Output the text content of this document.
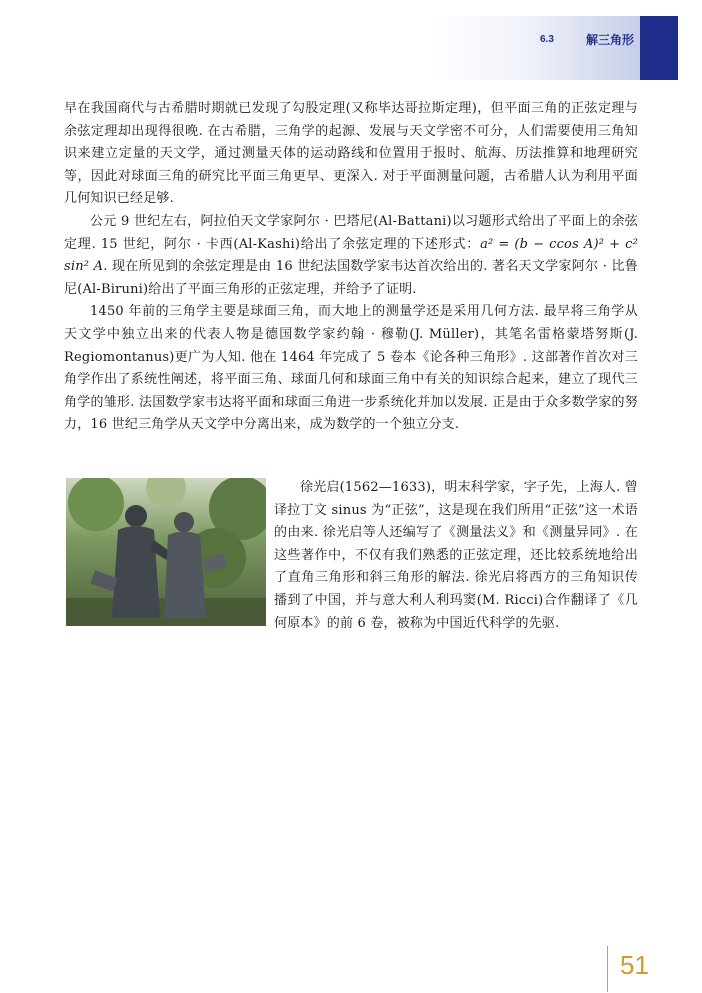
6.3	解三角形

早在我国商代与古希腊时期就已发现了勾股定理(又称毕达哥拉斯定理)，但平面三角的正弦定理与余弦定理却出现得很晚. 在古希腊，三角学的起源、发展与天文学密不可分，人们需要使用三角知识来建立定量的天文学，通过测量天体的运动路线和位置用于报时、航海、历法推算和地理研究等，因此对球面三角的研究比平面三角更早、更深入. 对于平面测量问题，古希腊人认为利用平面几何知识已经足够.

公元 9 世纪左右，阿拉伯天文学家阿尔 · 巴塔尼(Al-Battani)以习题形式给出了平面上的余弦定理. 15 世纪，阿尔 · 卡西(Al-Kashi)给出了余弦定理的下述形式：a² = (b − ccos A)² + c² sin² A. 现在所见到的余弦定理是由 16 世纪法国数学家韦达首次给出的. 著名天文学家阿尔 · 比鲁尼(Al-Biruni)给出了平面三角形的正弦定理，并给予了证明.

1450 年前的三角学主要是球面三角，而大地上的测量学还是采用几何方法. 最早将三角学从天文学中独立出来的代表人物是德国数学家约翰 · 穆勒(J. Müller)，其笔名雷格蒙塔努斯(J. Regiomontanus)更广为人知. 他在 1464 年完成了 5 卷本《论各种三角形》. 这部著作首次对三角学作出了系统性阐述，将平面三角、球面几何和球面三角中有关的知识综合起来，建立了现代三角学的雏形. 法国数学家韦达将平面和球面三角进一步系统化并加以发展. 正是由于众多数学家的努力，16 世纪三角学从天文学中分离出来，成为数学的一个独立分支.

徐光启(1562—1633)，明末科学家，字子先，上海人. 曾译拉丁文 sinus 为“正弦”，这是现在我们所用“正弦”这一术语的由来. 徐光启等人还编写了《测量法义》和《测量异同》. 在这些著作中，不仅有我们熟悉的正弦定理，还比较系统地给出了直角三角形和斜三角形的解法. 徐光启将西方的三角知识传播到了中国，并与意大利人利玛窦(M. Ricci)合作翻译了《几何原本》的前 6 卷，被称为中国近代科学的先驱.

51
